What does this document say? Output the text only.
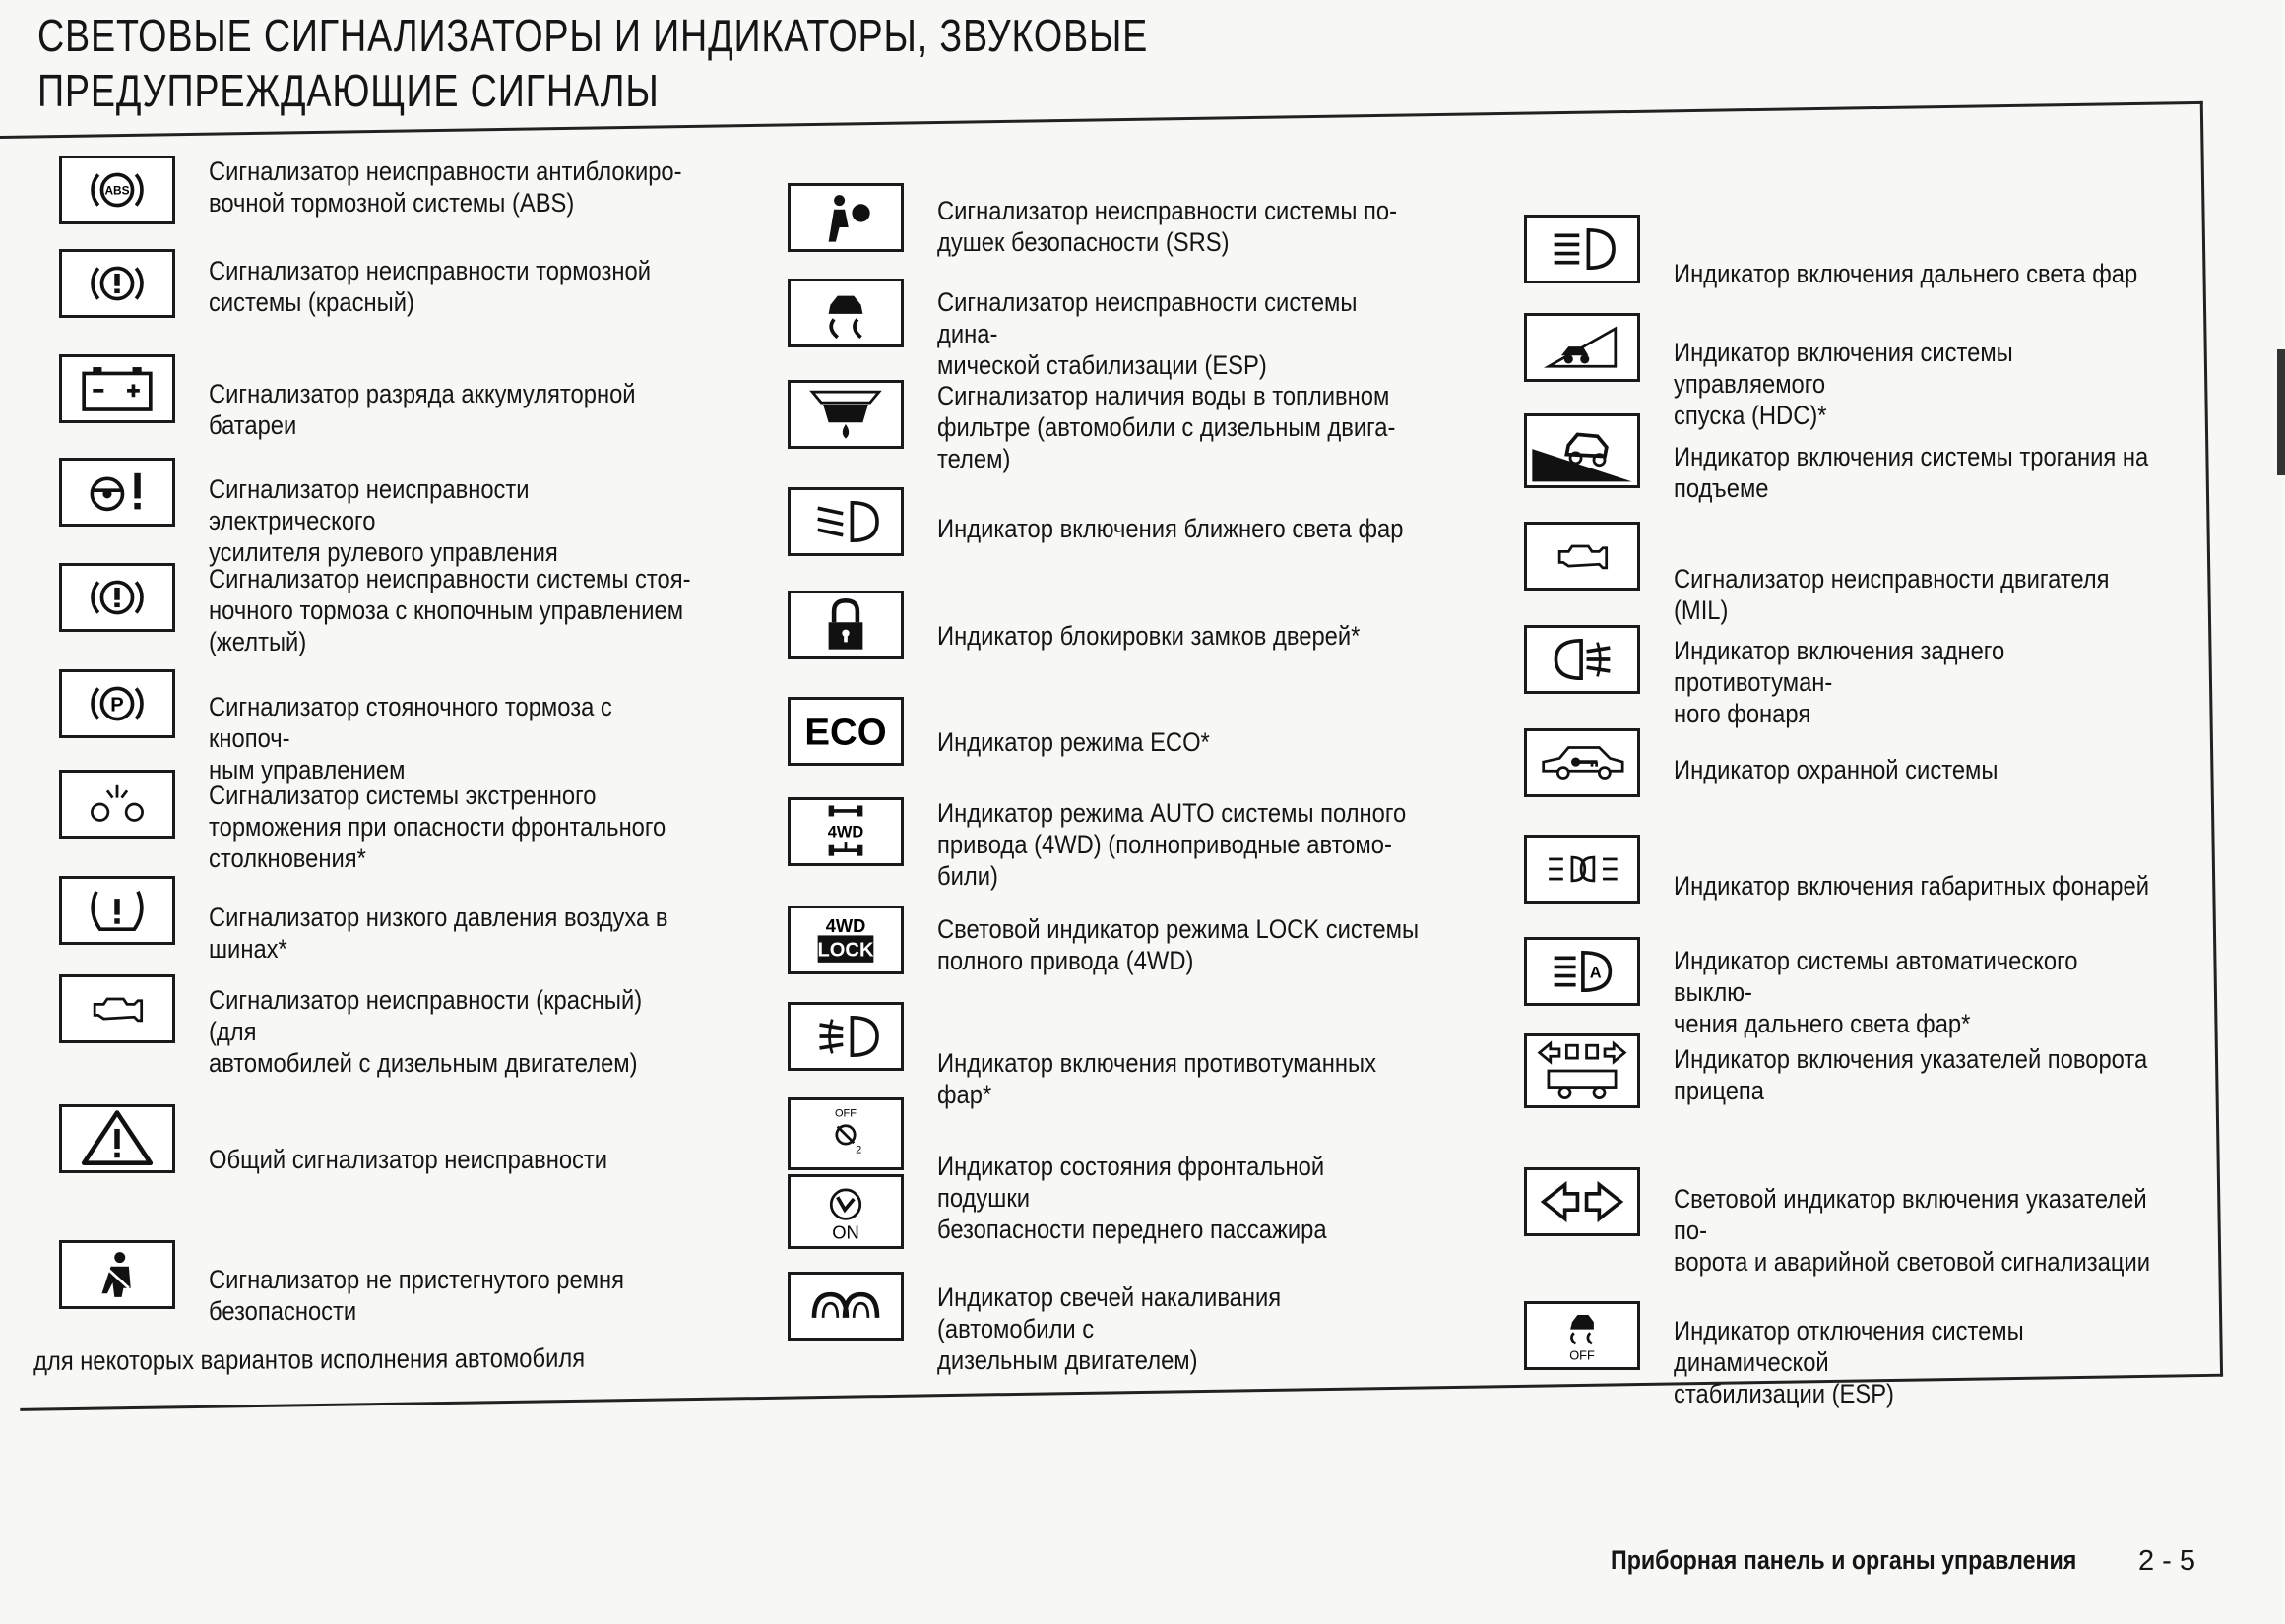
СВЕТОВЫЕ СИГНАЛИЗАТОРЫ И ИНДИКАТОРЫ, ЗВУКОВЫЕ
ПРЕДУПРЕЖДАЮЩИЕ СИГНАЛЫ
ABS
Сигнализатор неисправности антиблокиро-
вочной тормозной системы (ABS)
Сигнализатор неисправности тормозной
системы (красный)
Сигнализатор разряда аккумуляторной
батареи
Сигнализатор неисправности электрического
усилителя рулевого управления
Сигнализатор неисправности системы стоя-
ночного тормоза с кнопочным управлением
(желтый)
P	Сигнализатор стояночного тормоза с кнопоч-
ным управлением
Сигнализатор системы экстренного
торможения при опасности фронтального
столкновения*
Сигнализатор низкого давления воздуха в
шинах*
Сигнализатор неисправности (красный) (для
автомобилей с дизельным двигателем)
Общий сигнализатор неисправности
Сигнализатор не пристегнутого ремня
безопасности
Сигнализатор неисправности системы по-
душек безопасности (SRS)
Сигнализатор неисправности системы дина-
мической стабилизации (ESP)
Сигнализатор наличия воды в топливном
фильтре (автомобили с дизельным двига-
телем)
Индикатор включения ближнего света фар
Индикатор блокировки замков дверей*
ECO Индикатор режима ECO*
4WD
Индикатор режима AUTO системы полного
привода (4WD) (полноприводные автомо-
били)
4WD
LOCK
Световой индикатор режима LOCK системы
полного привода (4WD)
Индикатор включения противотуманных фар*
OFF
2
ON
Индикатор состояния фронтальной подушки
безопасности переднего пассажира
Индикатор свечей накаливания (автомобили с
дизельным двигателем)
Индикатор включения дальнего света фар
Индикатор включения системы управляемого
спуска (HDC)*
Индикатор включения системы трогания на
подъеме
Сигнализатор неисправности двигателя (MIL)
Индикатор включения заднего противотуман-
ного фонаря
Индикатор охранной системы
Индикатор включения габаритных фонарей
A	Индикатор системы автоматического выклю-
чения дальнего света фар*
Индикатор включения указателей поворота
прицепа
Световой индикатор включения указателей по-
ворота и аварийной световой сигнализации
OFF
Индикатор отключения системы динамической
стабилизации (ESP)
для некоторых вариантов исполнения автомобиля
Приборная панель и органы управления 2 - 5
